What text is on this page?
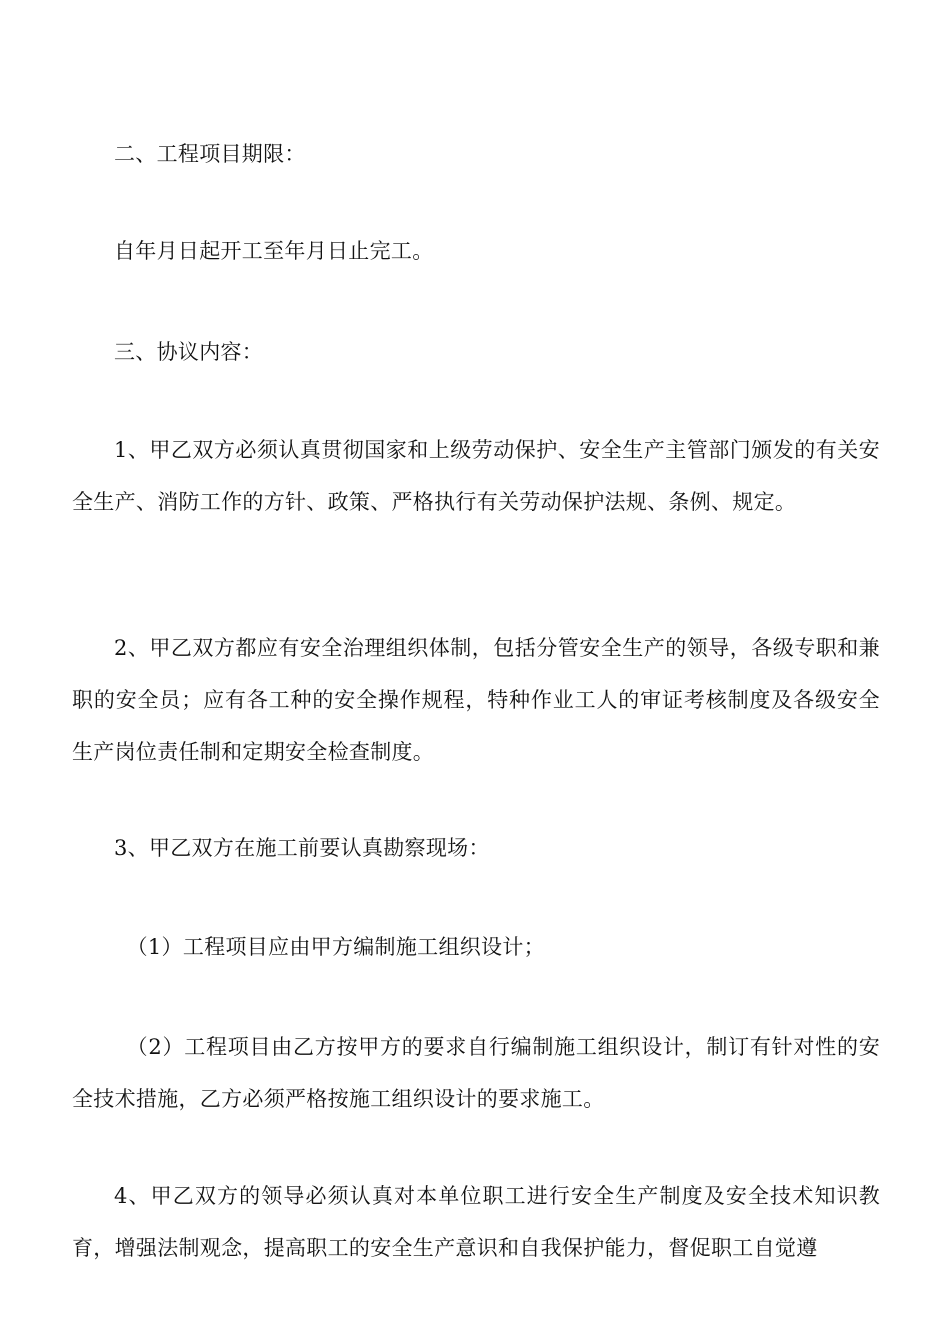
二、工程项目期限：

自年月日起开工至年月日止完工。

三、协议内容：

1、甲乙双方必须认真贯彻国家和上级劳动保护、安全生产主管部门颁发的有关安全生产、消防工作的方针、政策、严格执行有关劳动保护法规、条例、规定。

2、甲乙双方都应有安全治理组织体制，包括分管安全生产的领导，各级专职和兼职的安全员；应有各工种的安全操作规程，特种作业工人的审证考核制度及各级安全生产岗位责任制和定期安全检查制度。

3、甲乙双方在施工前要认真勘察现场：

（1）工程项目应由甲方编制施工组织设计；

（2）工程项目由乙方按甲方的要求自行编制施工组织设计，制订有针对性的安全技术措施，乙方必须严格按施工组织设计的要求施工。

4、甲乙双方的领导必须认真对本单位职工进行安全生产制度及安全技术知识教育，增强法制观念，提高职工的安全生产意识和自我保护能力，督促职工自觉遵
